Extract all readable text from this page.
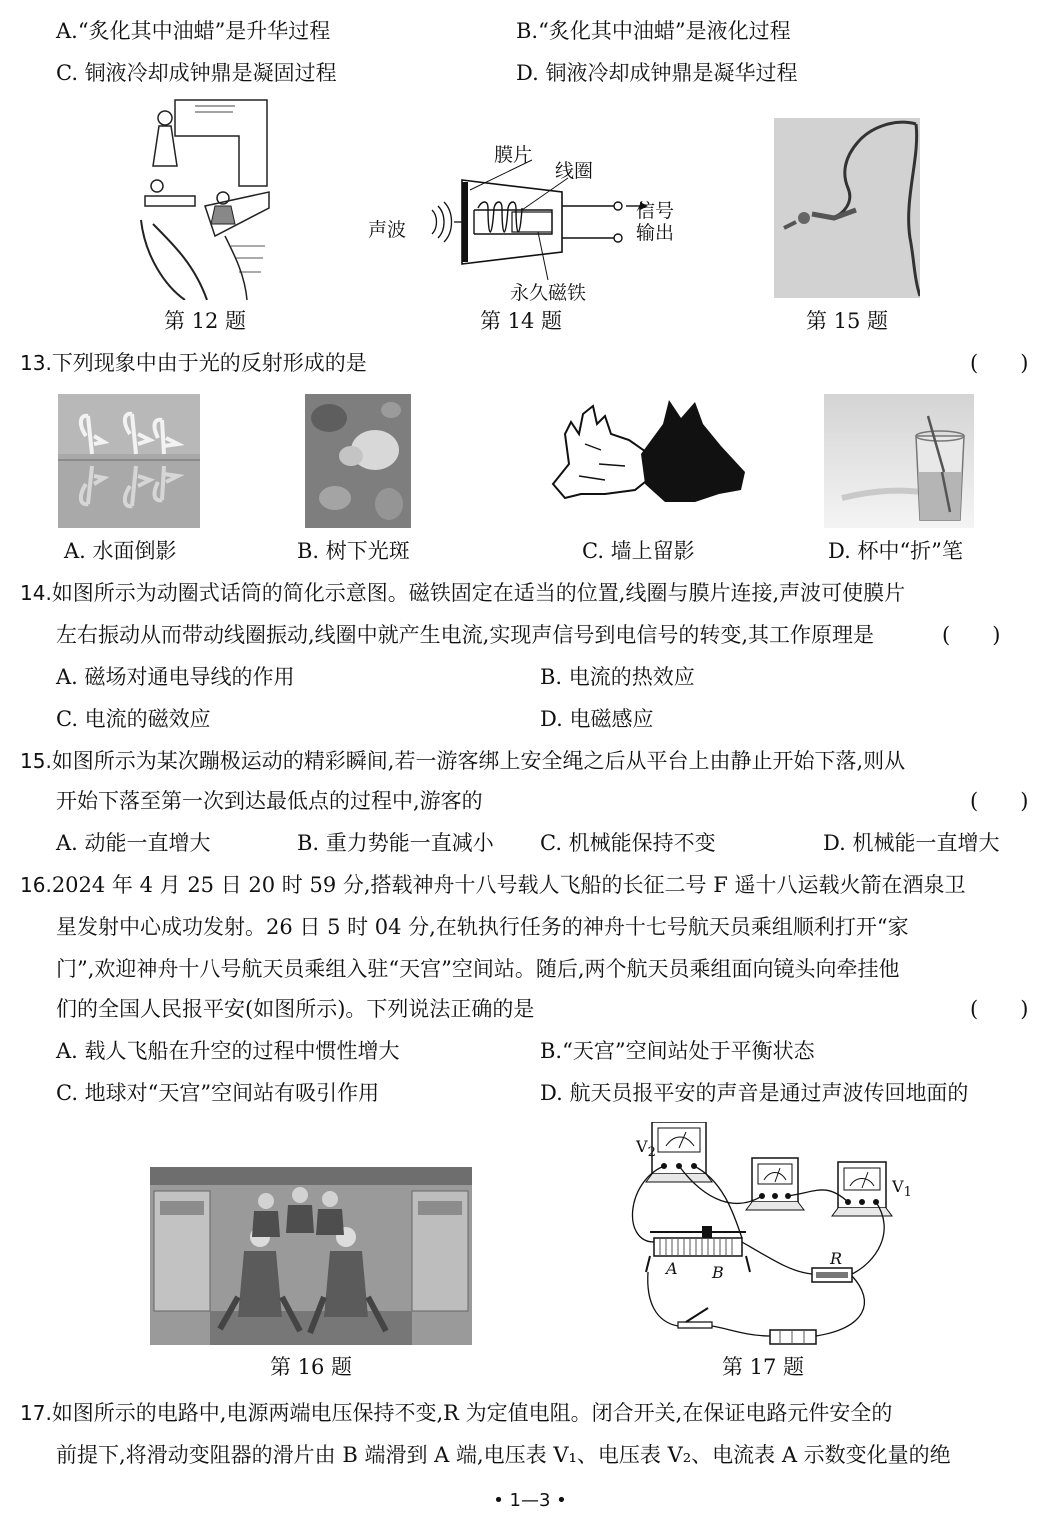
A.“炙化其中油蜡”是升华过程	B.“炙化其中油蜡”是液化过程
C. 铜液冷却成钟鼎是凝固过程	D. 铜液冷却成钟鼎是凝华过程
膜片
线圈
声波
信号
输出
永久磁铁
第 12 题	第 14 题	第 15 题
13.下列现象中由于光的反射形成的是	(　　)
A. 水面倒影	B. 树下光斑	C. 墙上留影	D. 杯中“折”笔
14.如图所示为动圈式话筒的简化示意图。磁铁固定在适当的位置,线圈与膜片连接,声波可使膜片
左右振动从而带动线圈振动,线圈中就产生电流,实现声信号到电信号的转变,其工作原理是	(　　)
A. 磁场对通电导线的作用	B. 电流的热效应
C. 电流的磁效应	D. 电磁感应
15.如图所示为某次蹦极运动的精彩瞬间,若一游客绑上安全绳之后从平台上由静止开始下落,则从
开始下落至第一次到达最低点的过程中,游客的	(　　)
A. 动能一直增大	B. 重力势能一直减小 C. 机械能保持不变	D. 机械能一直增大
16.2024 年 4 月 25 日 20 时 59 分,搭载神舟十八号载人飞船的长征二号 F 遥十八运载火箭在酒泉卫
星发射中心成功发射。26 日 5 时 04 分,在轨执行任务的神舟十七号航天员乘组顺利打开“家
门”,欢迎神舟十八号航天员乘组入驻“天宫”空间站。随后,两个航天员乘组面向镜头向牵挂他
们的全国人民报平安(如图所示)。下列说法正确的是	(　　)
A. 载人飞船在升空的过程中惯性增大	B.“天宫”空间站处于平衡状态
C. 地球对“天宫”空间站有吸引作用	D. 航天员报平安的声音是通过声波传回地面的
第 16 题
$V_2$
$V_1$
A B
R
第 17 题
17.如图所示的电路中,电源两端电压保持不变,R 为定值电阻。闭合开关,在保证电路元件安全的
前提下,将滑动变阻器的滑片由 B 端滑到 A 端,电压表 V₁、电压表 V₂、电流表 A 示数变化量的绝
• 1—3 •
